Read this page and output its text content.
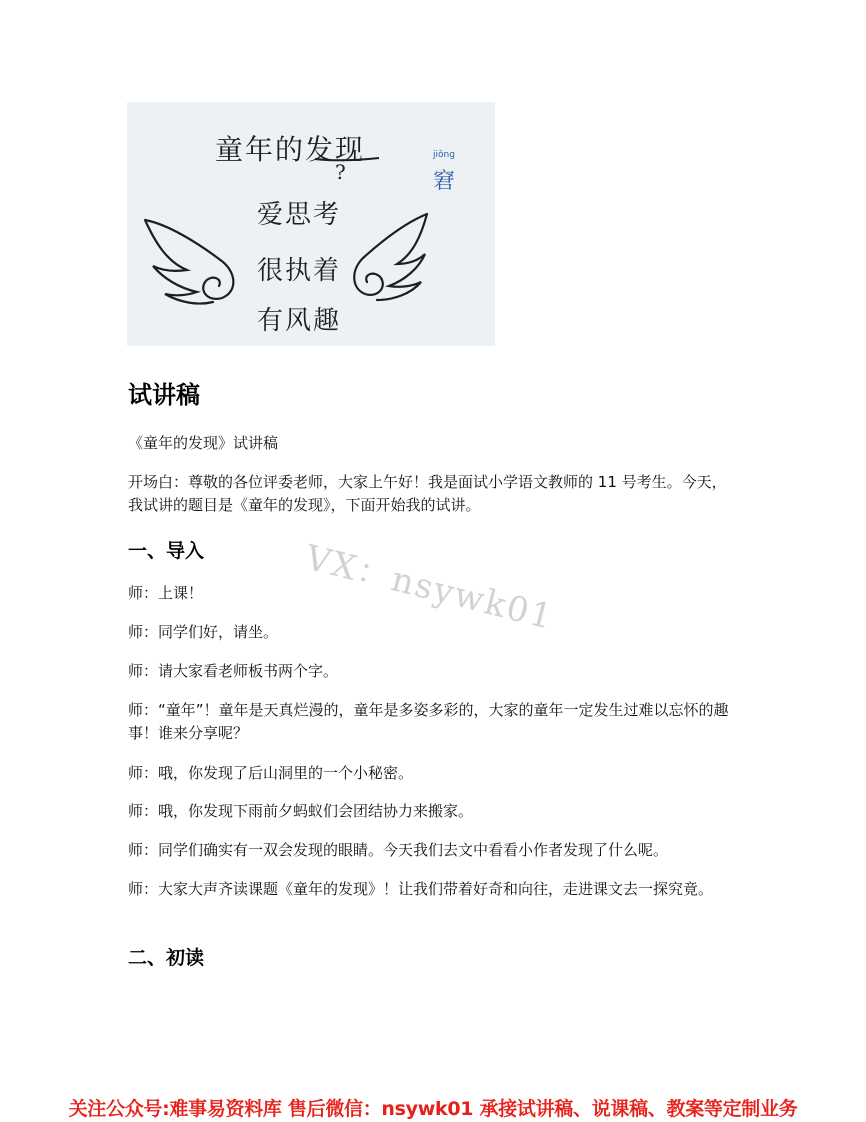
童年的发现
?
爱思考
很执着
有风趣
jiǒng
窘
试讲稿
《童年的发现》试讲稿
开场白：尊敬的各位评委老师，大家上午好！我是面试小学语文教师的 11 号考生。今天，我试讲的题目是《童年的发现》，下面开始我的试讲。
一、导入
师：上课！
师：同学们好，请坐。
师：请大家看老师板书两个字。
师：“童年”！童年是天真烂漫的，童年是多姿多彩的，大家的童年一定发生过难以忘怀的趣事！谁来分享呢？
师：哦，你发现了后山洞里的一个小秘密。
师：哦，你发现下雨前夕蚂蚁们会团结协力来搬家。
师：同学们确实有一双会发现的眼睛。今天我们去文中看看小作者发现了什么呢。
师：大家大声齐读课题《童年的发现》！让我们带着好奇和向往，走进课文去一探究竟。
二、初读
VX：nsywk01
关注公众号:难事易资料库 售后微信：nsywk01 承接试讲稿、说课稿、教案等定制业务
